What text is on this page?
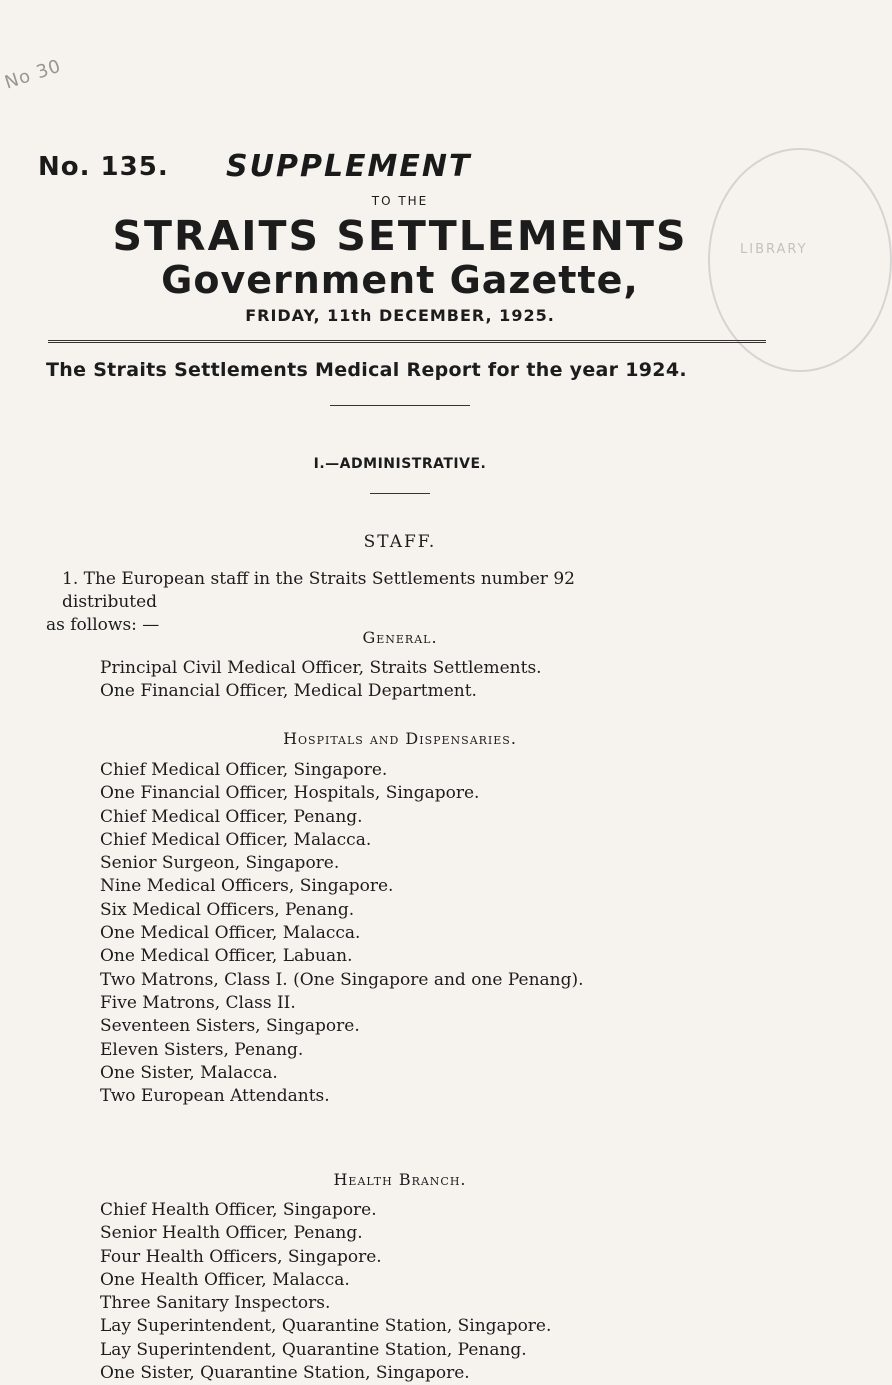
No 30
LIBRARY
No. 135. SUPPLEMENT
TO THE
STRAITS SETTLEMENTS
Government Gazette,
FRIDAY, 11th DECEMBER, 1925.
The Straits Settlements Medical Report for the year 1924.
I.—ADMINISTRATIVE.
STAFF.
1. The European staff in the Straits Settlements number 92 distributed
as follows: —
General.
Principal Civil Medical Officer, Straits Settlements.
One Financial Officer, Medical Department.
Hospitals and Dispensaries.
Chief Medical Officer, Singapore.
One Financial Officer, Hospitals, Singapore.
Chief Medical Officer, Penang.
Chief Medical Officer, Malacca.
Senior Surgeon, Singapore.
Nine Medical Officers, Singapore.
Six Medical Officers, Penang.
One Medical Officer, Malacca.
One Medical Officer, Labuan.
Two Matrons, Class I. (One Singapore and one Penang).
Five Matrons, Class II.
Seventeen Sisters, Singapore.
Eleven Sisters, Penang.
One Sister, Malacca.
Two European Attendants.
Health Branch.
Chief Health Officer, Singapore.
Senior Health Officer, Penang.
Four Health Officers, Singapore.
One Health Officer, Malacca.
Three Sanitary Inspectors.
Lay Superintendent, Quarantine Station, Singapore.
Lay Superintendent, Quarantine Station, Penang.
One Sister, Quarantine Station, Singapore.
